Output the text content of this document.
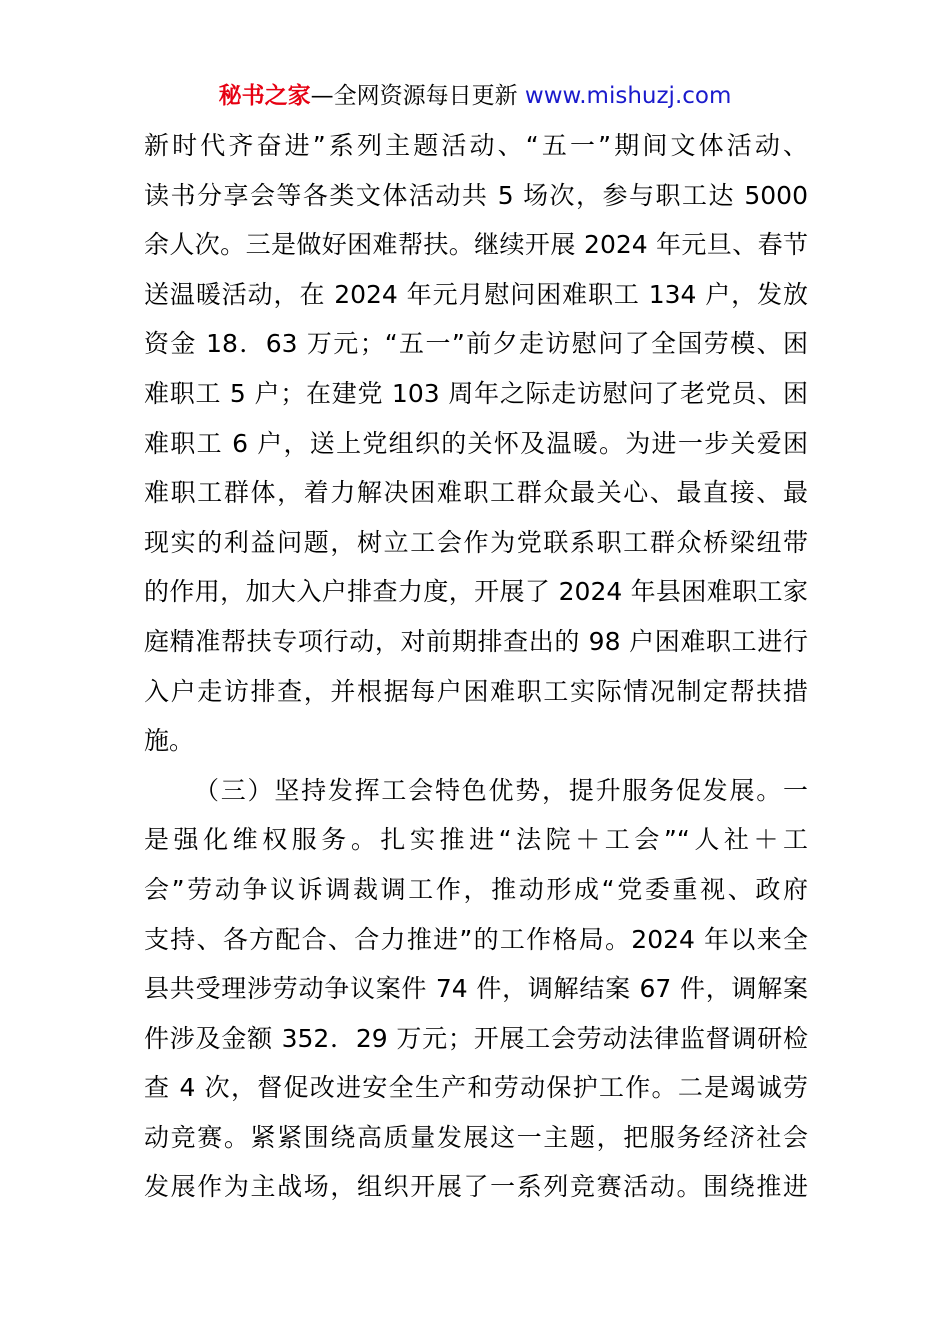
秘书之家—全网资源每日更新 www.mishuzj.com
新时代齐奋进”系列主题活动、“五一”期间文体活动、
读书分享会等各类文体活动共 5 场次，参与职工达 5000
余人次。三是做好困难帮扶。继续开展 2024 年元旦、春节
送温暖活动，在 2024 年元月慰问困难职工 134 户，发放
资金 18．63 万元；“五一”前夕走访慰问了全国劳模、困
难职工 5 户；在建党 103 周年之际走访慰问了老党员、困
难职工 6 户，送上党组织的关怀及温暖。为进一步关爱困
难职工群体，着力解决困难职工群众最关心、最直接、最
现实的利益问题，树立工会作为党联系职工群众桥梁纽带
的作用，加大入户排查力度，开展了 2024 年县困难职工家
庭精准帮扶专项行动，对前期排查出的 98 户困难职工进行
入户走访排查，并根据每户困难职工实际情况制定帮扶措
施。
（三）坚持发挥工会特色优势，提升服务促发展。一
是强化维权服务。扎实推进“法院＋工会”“人社＋工
会”劳动争议诉调裁调工作，推动形成“党委重视、政府
支持、各方配合、合力推进”的工作格局。2024 年以来全
县共受理涉劳动争议案件 74 件，调解结案 67 件，调解案
件涉及金额 352．29 万元；开展工会劳动法律监督调研检
查 4 次，督促改进安全生产和劳动保护工作。二是竭诚劳
动竞赛。紧紧围绕高质量发展这一主题，把服务经济社会
发展作为主战场，组织开展了一系列竞赛活动。围绕推进
